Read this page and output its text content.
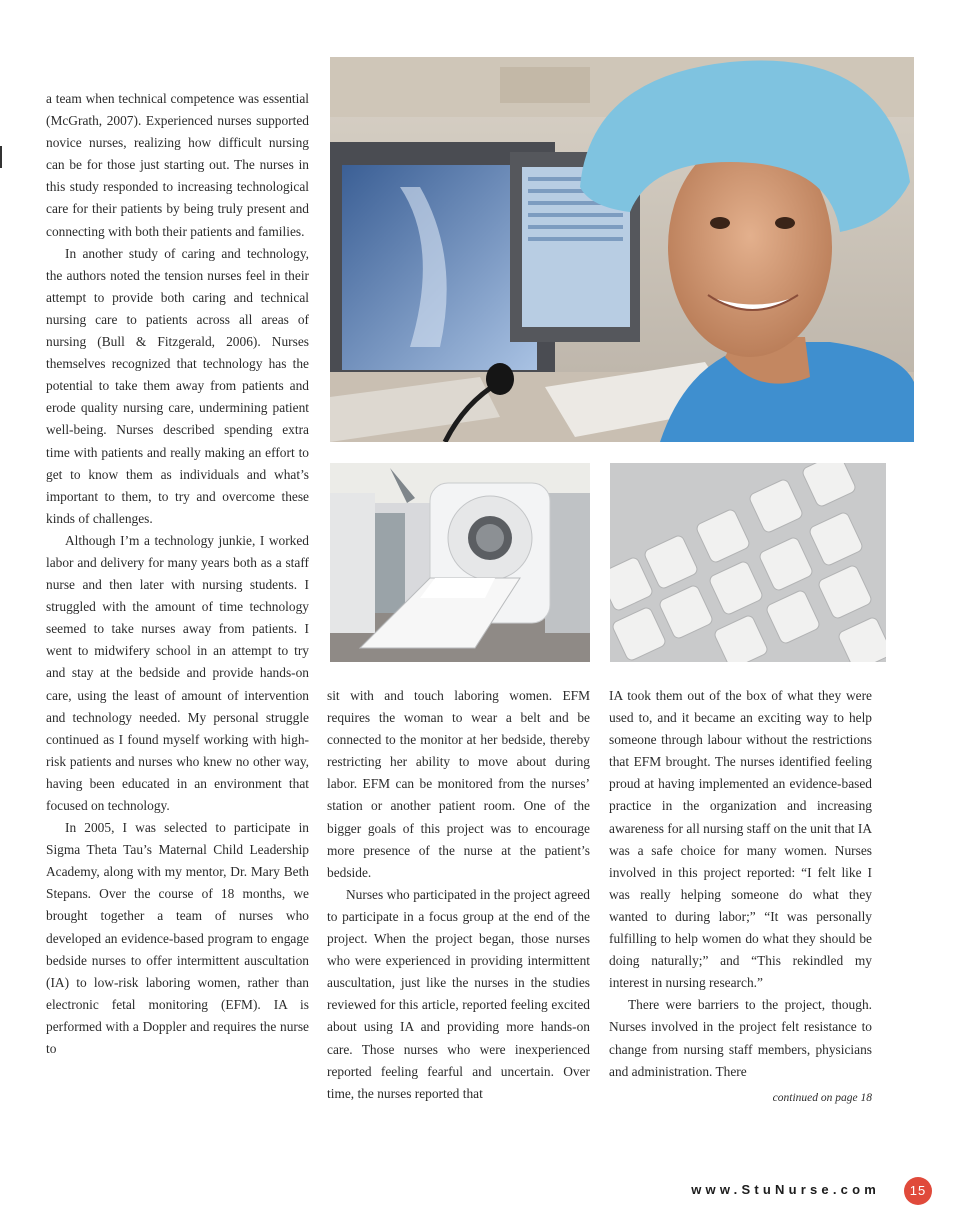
a team when technical competence was essential (McGrath, 2007). Experienced nurses supported novice nurses, realizing how difficult nursing can be for those just starting out. The nurses in this study responded to increasing technological care for their patients by being truly present and connecting with both their patients and families.

In another study of caring and technology, the authors noted the tension nurses feel in their attempt to provide both caring and technical nursing care to patients across all areas of nursing (Bull & Fitzgerald, 2006). Nurses themselves recognized that technology has the potential to take them away from patients and erode quality nursing care, undermining patient well-being. Nurses described spending extra time with patients and really making an effort to get to know them as individuals and what’s important to them, to try and overcome these kinds of challenges.

Although I’m a technology junkie, I worked labor and delivery for many years both as a staff nurse and then later with nursing students. I struggled with the amount of time technology seemed to take nurses away from patients. I went to midwifery school in an attempt to try and stay at the bedside and provide hands-on care, using the least of amount of intervention and technology needed. My personal struggle continued as I found myself working with high-risk patients and nurses who knew no other way, having been educated in an environment that focused on technology.

In 2005, I was selected to participate in Sigma Theta Tau’s Maternal Child Leadership Academy, along with my mentor, Dr. Mary Beth Stepans. Over the course of 18 months, we brought together a team of nurses who developed an evidence-based program to engage bedside nurses to offer intermittent auscultation (IA) to low-risk laboring women, rather than electronic fetal monitoring (EFM). IA is performed with a Doppler and requires the nurse to

sit with and touch laboring women. EFM requires the woman to wear a belt and be connected to the monitor at her bedside, thereby restricting her ability to move about during labor. EFM can be monitored from the nurses’ station or another patient room. One of the bigger goals of this project was to encourage more presence of the nurse at the patient’s bedside.

Nurses who participated in the project agreed to participate in a focus group at the end of the project. When the project began, those nurses who were experienced in providing intermittent auscultation, just like the nurses in the studies reviewed for this article, reported feeling excited about using IA and providing more hands-on care. Those nurses who were inexperienced reported feeling fearful and uncertain. Over time, the nurses reported that

IA took them out of the box of what they were used to, and it became an exciting way to help someone through labour without the restrictions that EFM brought. The nurses identified feeling proud at having implemented an evidence-based practice in the organization and increasing awareness for all nursing staff on the unit that IA was a safe choice for many women. Nurses involved in this project reported: “I felt like I was really helping someone do what they wanted to during labor;” “It was personally fulfilling to help women do what they should be doing naturally;” and “This rekindled my interest in nursing research.”

There were barriers to the project, though. Nurses involved in the project felt resistance to change from nursing staff members, physicians and administration. There

continued on page 18
www.StuNurse.com	15
